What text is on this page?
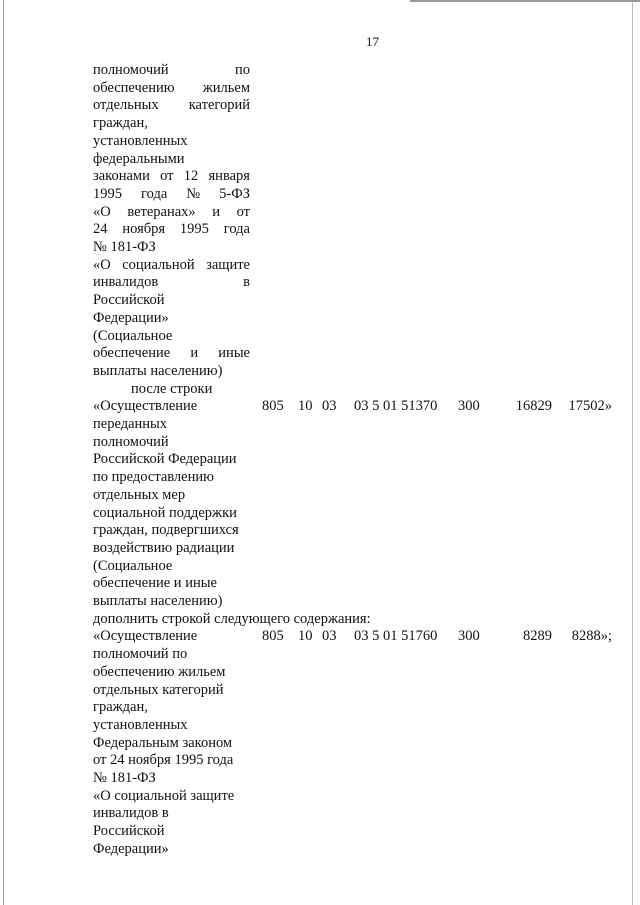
17
полномочий	по
обеспечению жильем
отдельных категорий
граждан,
установленных
федеральными
законами от 12 января
1995 года № 5-ФЗ
«О ветеранах» и от
24 ноября 1995 года
№ 181-ФЗ
«О социальной защите
инвалидов	в
Российской
Федерации»
(Социальное
обеспечение и иные
выплаты населению)
после строки
«Осуществление
переданных
полномочий
Российской Федерации
по предоставлению
отдельных мер
социальной поддержки
граждан, подвергшихся
воздействию радиации
(Социальное
обеспечение и иные
выплаты населению)
805 10 03 03 5 01 51370 300	16829	17502»
дополнить строкой следующего содержания:
«Осуществление
полномочий по
обеспечению жильем
отдельных категорий
граждан,
установленных
Федеральным законом
от 24 ноября 1995 года
№ 181-ФЗ
«О социальной защите
инвалидов в
Российской
Федерации»
805 10 03 03 5 01 51760 300	8289	8288»;
